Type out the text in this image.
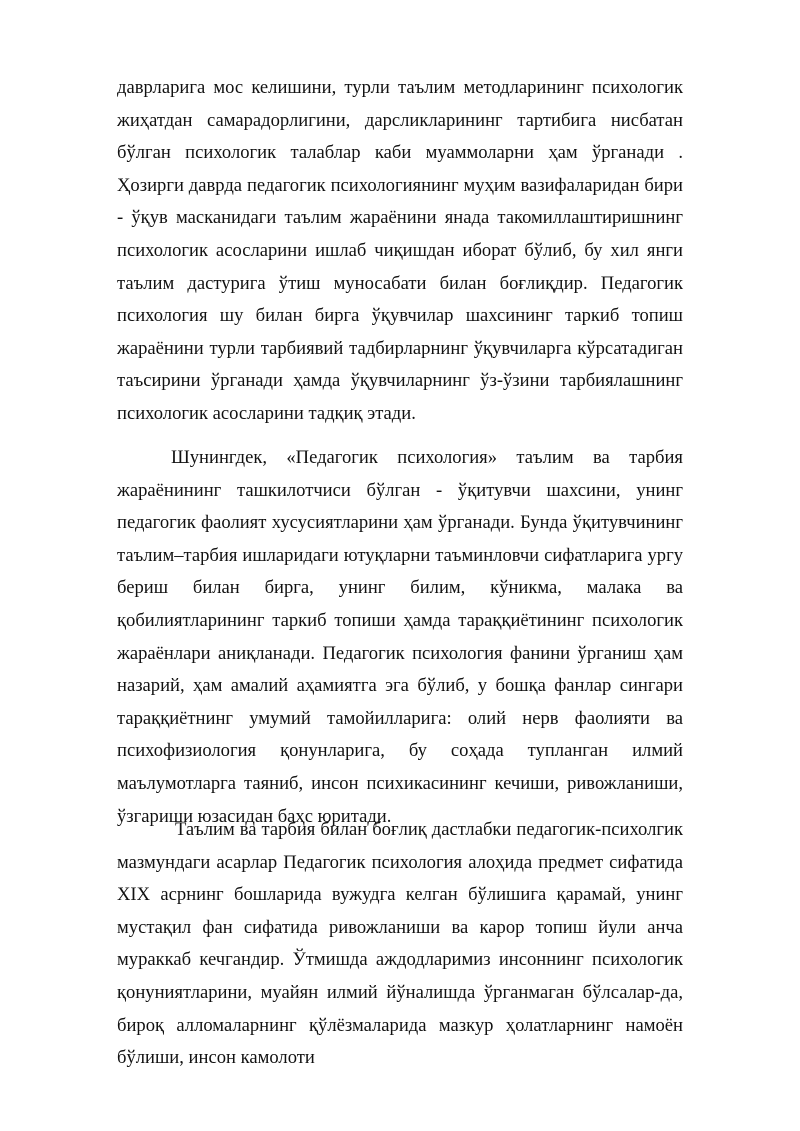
даврларига мос келишини, турли таълим методларининг психологик жиҳатдан самарадорлигини, дарсликларининг тартибига нисбатан бўлган психологик талаблар каби муаммоларни ҳам ўрганади . Ҳозирги даврда педагогик психологиянинг муҳим вазифаларидан бири - ўқув масканидаги таълим жараёнини янада такомиллаштиришнинг психологик асосларини ишлаб чиқишдан иборат бўлиб, бу хил янги таълим дастурига ўтиш муносабати билан боғлиқдир. Педагогик психология шу билан бирга ўқувчилар шахсининг таркиб топиш жараёнини турли тарбиявий тадбирларнинг ўқувчиларга кўрсатадиган таъсирини ўрганади ҳамда ўқувчиларнинг ўз-ўзини тарбиялашнинг психологик асосларини тадқиқ этади.

Шунингдек, «Педагогик психология» таълим ва тарбия жараёнининг ташкилотчиси бўлган - ўқитувчи шахсини, унинг педагогик фаолият хусусиятларини ҳам ўрганади. Бунда ўқитувчининг таълим–тарбия ишларидаги ютуқларни таъминловчи сифатларига ургу бериш билан бирга, унинг билим, кўникма, малака ва қобилиятларининг таркиб топиши ҳамда тараққиётининг психологик жараёнлари аниқланади. Педагогик психология фанини ўрганиш ҳам назарий, ҳам амалий аҳамиятга эга бўлиб, у бошқа фанлар сингари тараққиётнинг умумий тамойилларига: олий нерв фаолияти ва психофизиология қонунларига, бу соҳада тупланган илмий маълумотларга таяниб, инсон психикасининг кечиши, ривожланиши, ўзгариши юзасидан баҳс юритади.

Таълим ва тарбия билан боғлиқ дастлабки педагогик-психолгик мазмундаги асарлар Педагогик психология алоҳида предмет сифатида XIX асрнинг бошларида вужудга келган бўлишига қарамай, унинг мустақил фан сифатида ривожланиши ва карор топиш йули анча мураккаб кечгандир. Ўтмишда аждодларимиз инсоннинг психологик қонуниятларини, муайян илмий йўналишда ўрганмаган бўлсалар-да, бироқ алломаларнинг қўлёзмаларида мазкур ҳолатларнинг намоён бўлиши, инсон камолоти
